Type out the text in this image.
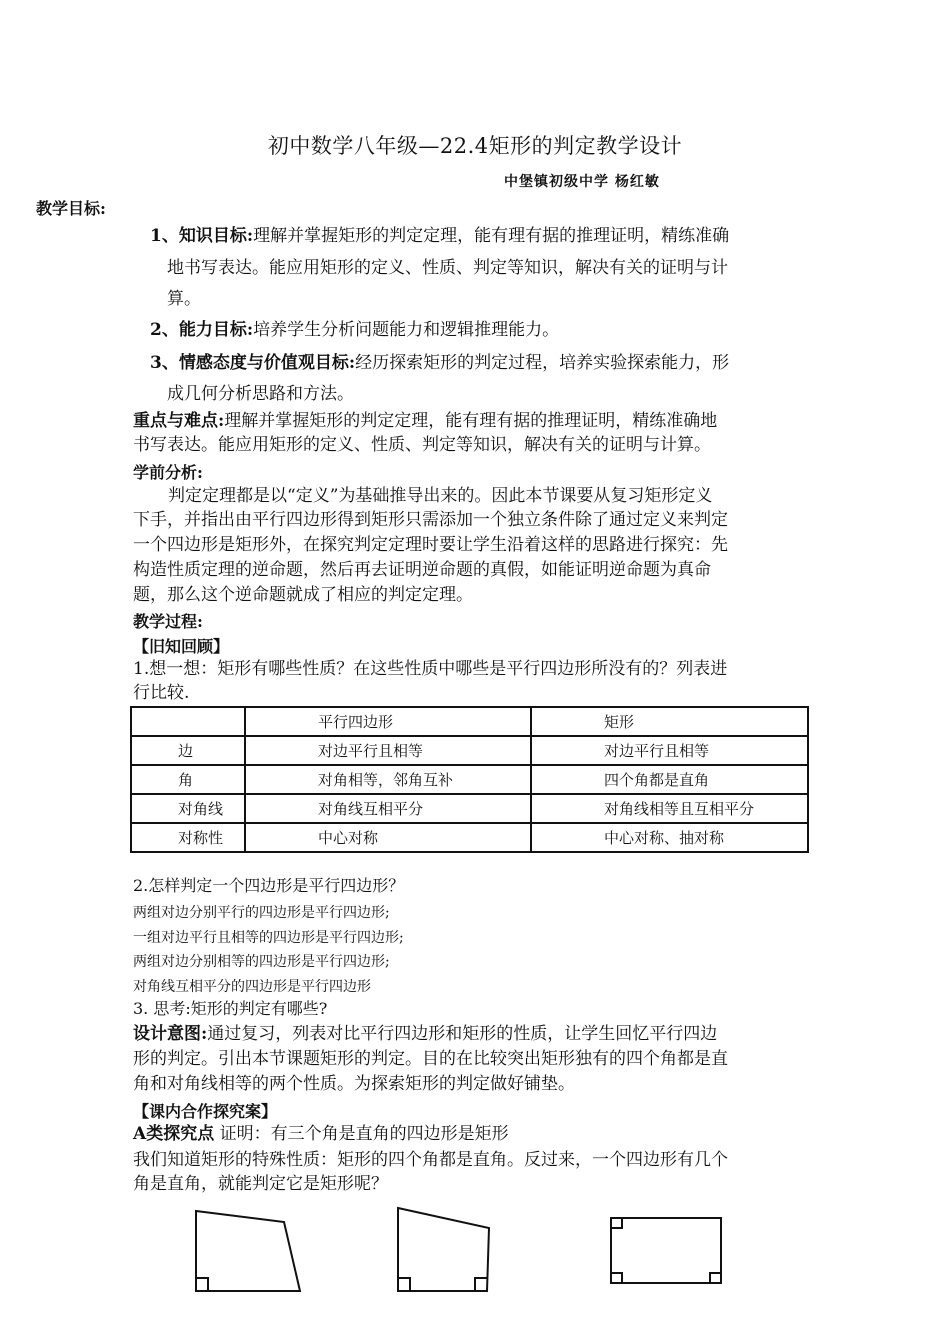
初中数学八年级—22.4矩形的判定教学设计
中堡镇初级中学 杨红敏
教学目标:
1、知识目标:理解并掌握矩形的判定定理，能有理有据的推理证明，精练准确
地书写表达。能应用矩形的定义、性质、判定等知识，解决有关的证明与计
算。
2、能力目标:培养学生分析问题能力和逻辑推理能力。
3、情感态度与价值观目标:经历探索矩形的判定过程，培养实验探索能力，形
成几何分析思路和方法。
重点与难点:理解并掌握矩形的判定定理，能有理有据的推理证明，精练准确地
书写表达。能应用矩形的定义、性质、判定等知识，解决有关的证明与计算。
学前分析:
判定定理都是以“定义”为基础推导出来的。因此本节课要从复习矩形定义
下手，并指出由平行四边形得到矩形只需添加一个独立条件除了通过定义来判定
一个四边形是矩形外，在探究判定定理时要让学生沿着这样的思路进行探究：先
构造性质定理的逆命题，然后再去证明逆命题的真假，如能证明逆命题为真命
题，那么这个逆命题就成了相应的判定定理。
教学过程:
【旧知回顾】
1.想一想：矩形有哪些性质？在这些性质中哪些是平行四边形所没有的？列表进
行比较.
	平行四边形	矩形
边	对边平行且相等	对边平行且相等
角	对角相等，邻角互补	四个角都是直角
对角线	对角线互相平分	对角线相等且互相平分
对称性	中心对称	中心对称、抽对称
2.怎样判定一个四边形是平行四边形？
两组对边分别平行的四边形是平行四边形;
一组对边平行且相等的四边形是平行四边形;
两组对边分别相等的四边形是平行四边形;
对角线互相平分的四边形是平行四边形
3. 思考:矩形的判定有哪些?
设计意图:通过复习，列表对比平行四边形和矩形的性质，让学生回忆平行四边
形的判定。引出本节课题矩形的判定。目的在比较突出矩形独有的四个角都是直
角和对角线相等的两个性质。为探索矩形的判定做好铺垫。
【课内合作探究案】
A类探究点 证明：有三个角是直角的四边形是矩形
我们知道矩形的特殊性质：矩形的四个角都是直角。反过来，一个四边形有几个
角是直角，就能判定它是矩形呢？
